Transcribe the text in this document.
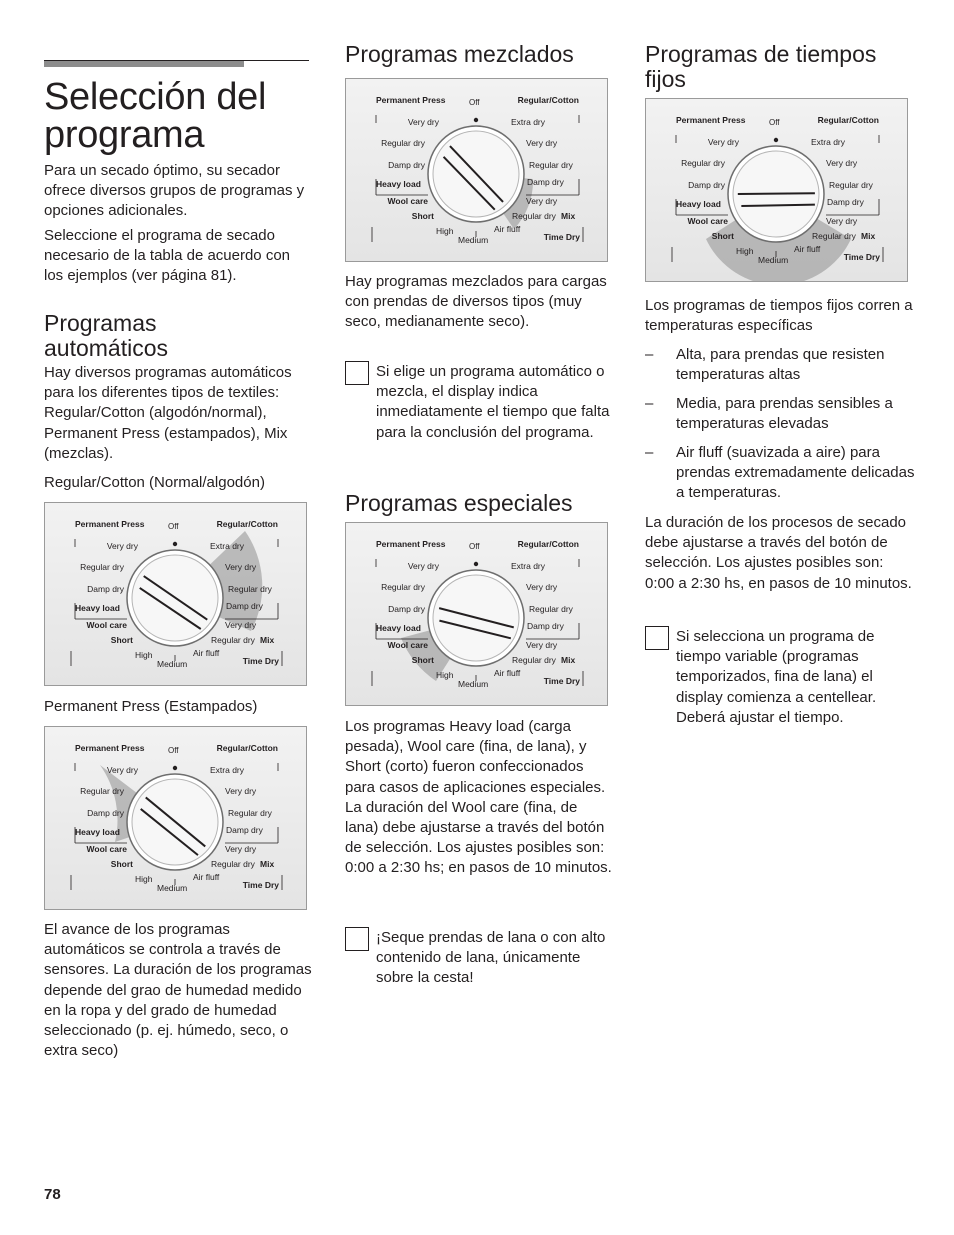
Selección del programa

Para un secado óptimo, su secador ofrece diversos grupos de programas y opciones adicionales.

Seleccione el programa de secado necesario de la tabla de acuerdo con los ejemplos (ver página 81).

Programas automáticos

Hay diversos programas automáticos para los diferentes tipos de textiles: Regular/Cotton (algodón/normal), Permanent Press (estampados), Mix (mezclas).

Regular/Cotton (Normal/algodón)
Permanent Press	Off	Regular/Cotton
Very dry
Regular dry
Damp dry
Heavy load
Wool care
Short
Extra dry
Very dry
Regular dry
Damp dry
Very dry
Regular dry Mix
High
Medium
Air fluff
Time Dry
Permanent Press (Estampados)
Permanent Press	Off	Regular/Cotton
Very dry
Regular dry
Damp dry
Heavy load
Wool care
Short
Extra dry
Very dry
Regular dry
Damp dry
Very dry
Regular dry Mix
High
Medium
Air fluff
Time Dry

El avance de los programas automáticos se controla a través de sensores. La duración de los programas depende del grao de humedad medido en la ropa y del grado de humedad seleccionado (p. ej. húmedo, seco, o extra seco)

Programas mezclados
Permanent Press	Off	Regular/Cotton
Very dry
Regular dry
Damp dry
Heavy load
Wool care
Short
Extra dry
Very dry
Regular dry
Damp dry
Very dry
Regular dry Mix
High
Medium
Air fluff
Time Dry

Hay programas mezclados para cargas con prendas de diversos tipos (muy seco, medianamente seco).

Si elige un programa automático o mezcla, el display indica inmediatamente el tiempo que falta para la conclusión del programa.

Programas especiales
Permanent Press	Off	Regular/Cotton
Very dry
Regular dry
Damp dry
Heavy load
Wool care
Short
Extra dry
Very dry
Regular dry
Damp dry
Very dry
Regular dry Mix
High
Medium
Air fluff
Time Dry

Los programas Heavy load (carga pesada), Wool care (fina, de lana), y Short (corto) fueron confeccionados para casos de aplicaciones especiales. La duración del Wool care (fina, de lana) debe ajustarse a través del botón de selección. Los ajustes posibles son: 0:00 a 2:30 hs; en pasos de 10 minutos.

¡Seque prendas de lana o con alto contenido de lana, únicamente sobre la cesta!

Programas de tiempos fijos
Permanent Press	Off	Regular/Cotton
Very dry
Regular dry
Damp dry
Heavy load
Wool care
Short
Extra dry
Very dry
Regular dry
Damp dry
Very dry
Regular dry Mix
High
Medium
Air fluff
Time Dry

Los programas de tiempos fijos corren a temperaturas específicas

– Alta, para prendas que resisten temperaturas altas

– Media, para prendas sensibles a temperaturas elevadas

– Air fluff (suavizada a aire) para prendas extremadamente delicadas a temperaturas.

La duración de los procesos de secado debe ajustarse a través del botón de selección. Los ajustes posibles son: 0:00 a 2:30 hs, en pasos de 10 minutos.

Si selecciona un programa de tiempo variable (programas temporizados, fina de lana) el display comienza a centellear. Deberá ajustar el tiempo.

78
